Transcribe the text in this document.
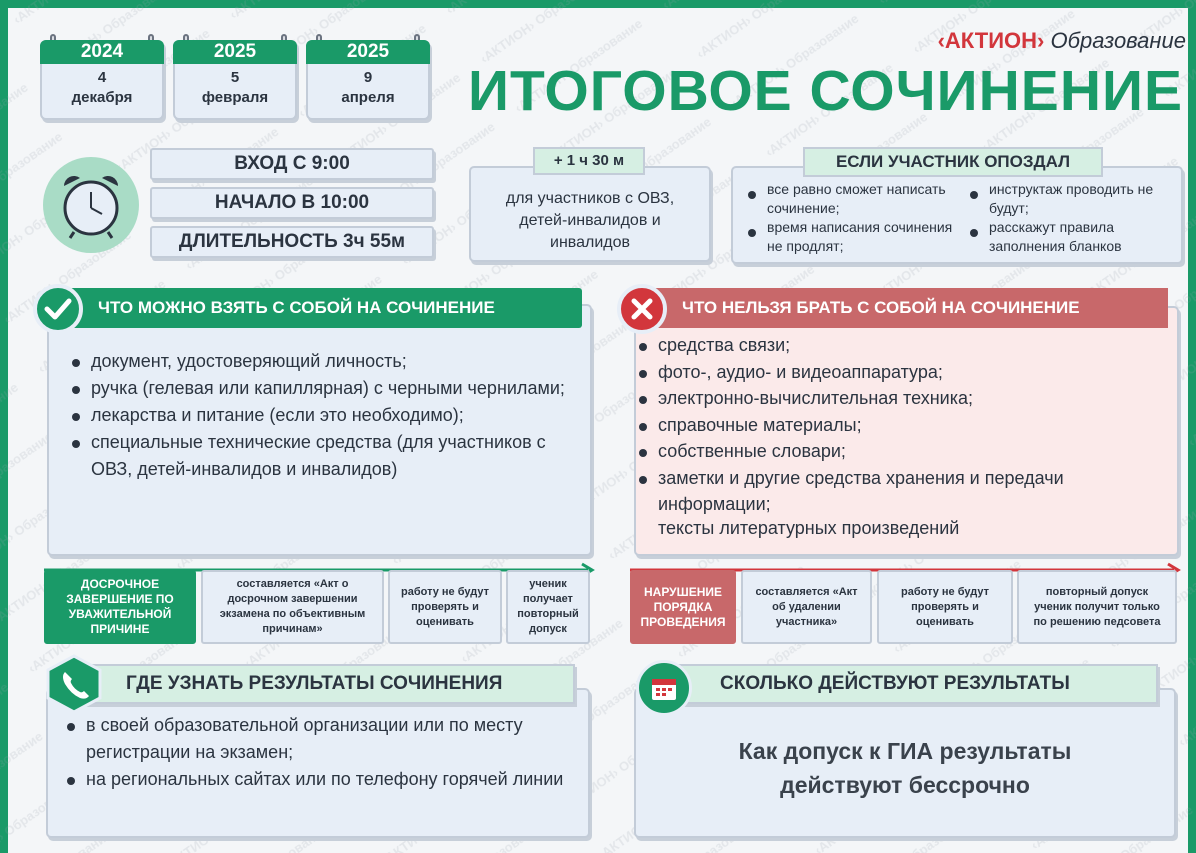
2024
4
декабря
2025
5
февраля
2025
9
апреля
‹АКТИОН› Образование
ИТОГОВОЕ СОЧИНЕНИЕ
ВХОД С 9:00
НАЧАЛО В 10:00
ДЛИТЕЛЬНОСТЬ 3ч 55м
для участников с ОВЗ, детей-инвалидов и инвалидов
+ 1 ч 30 м
все равно сможет написать сочинение;
время написания сочинения не продлят;
инструктаж проводить не будут;
расскажут правила заполнения бланков
ЕСЛИ УЧАСТНИК ОПОЗДАЛ
документ, удостоверяющий личность;
ручка (гелевая или капиллярная) с черными чернилами;
лекарства и питание (если это необходимо);
специальные технические средства (для участников с ОВЗ, детей-инвалидов и инвалидов)
ЧТО МОЖНО ВЗЯТЬ С СОБОЙ НА СОЧИНЕНИЕ
средства связи;
фото-, аудио- и видеоаппаратура;
электронно-вычислительная техника;
справочные материалы;
собственные словари;
заметки и другие средства хранения и передачи информации;
тексты литературных произведений
ЧТО НЕЛЬЗЯ БРАТЬ С СОБОЙ НА СОЧИНЕНИЕ
ДОСРОЧНОЕ ЗАВЕРШЕНИЕ ПО УВАЖИТЕЛЬНОЙ ПРИЧИНЕ
составляется «Акт о досрочном завершении экзамена по объективным причинам»
работу не будут проверять и оценивать
ученик получает повторный допуск
НАРУШЕНИЕ ПОРЯДКА ПРОВЕДЕНИЯ
составляется «Акт об удалении участника»
работу не будут проверять и оценивать
повторный допуск ученик получит только по решению педсовета
в своей образовательной организации или по месту регистрации на экзамен;
на региональных сайтах или по телефону горячей линии
ГДЕ УЗНАТЬ РЕЗУЛЬТАТЫ СОЧИНЕНИЯ
Как допуск к ГИА результаты действуют бессрочно
СКОЛЬКО ДЕЙСТВУЮТ РЕЗУЛЬТАТЫ
